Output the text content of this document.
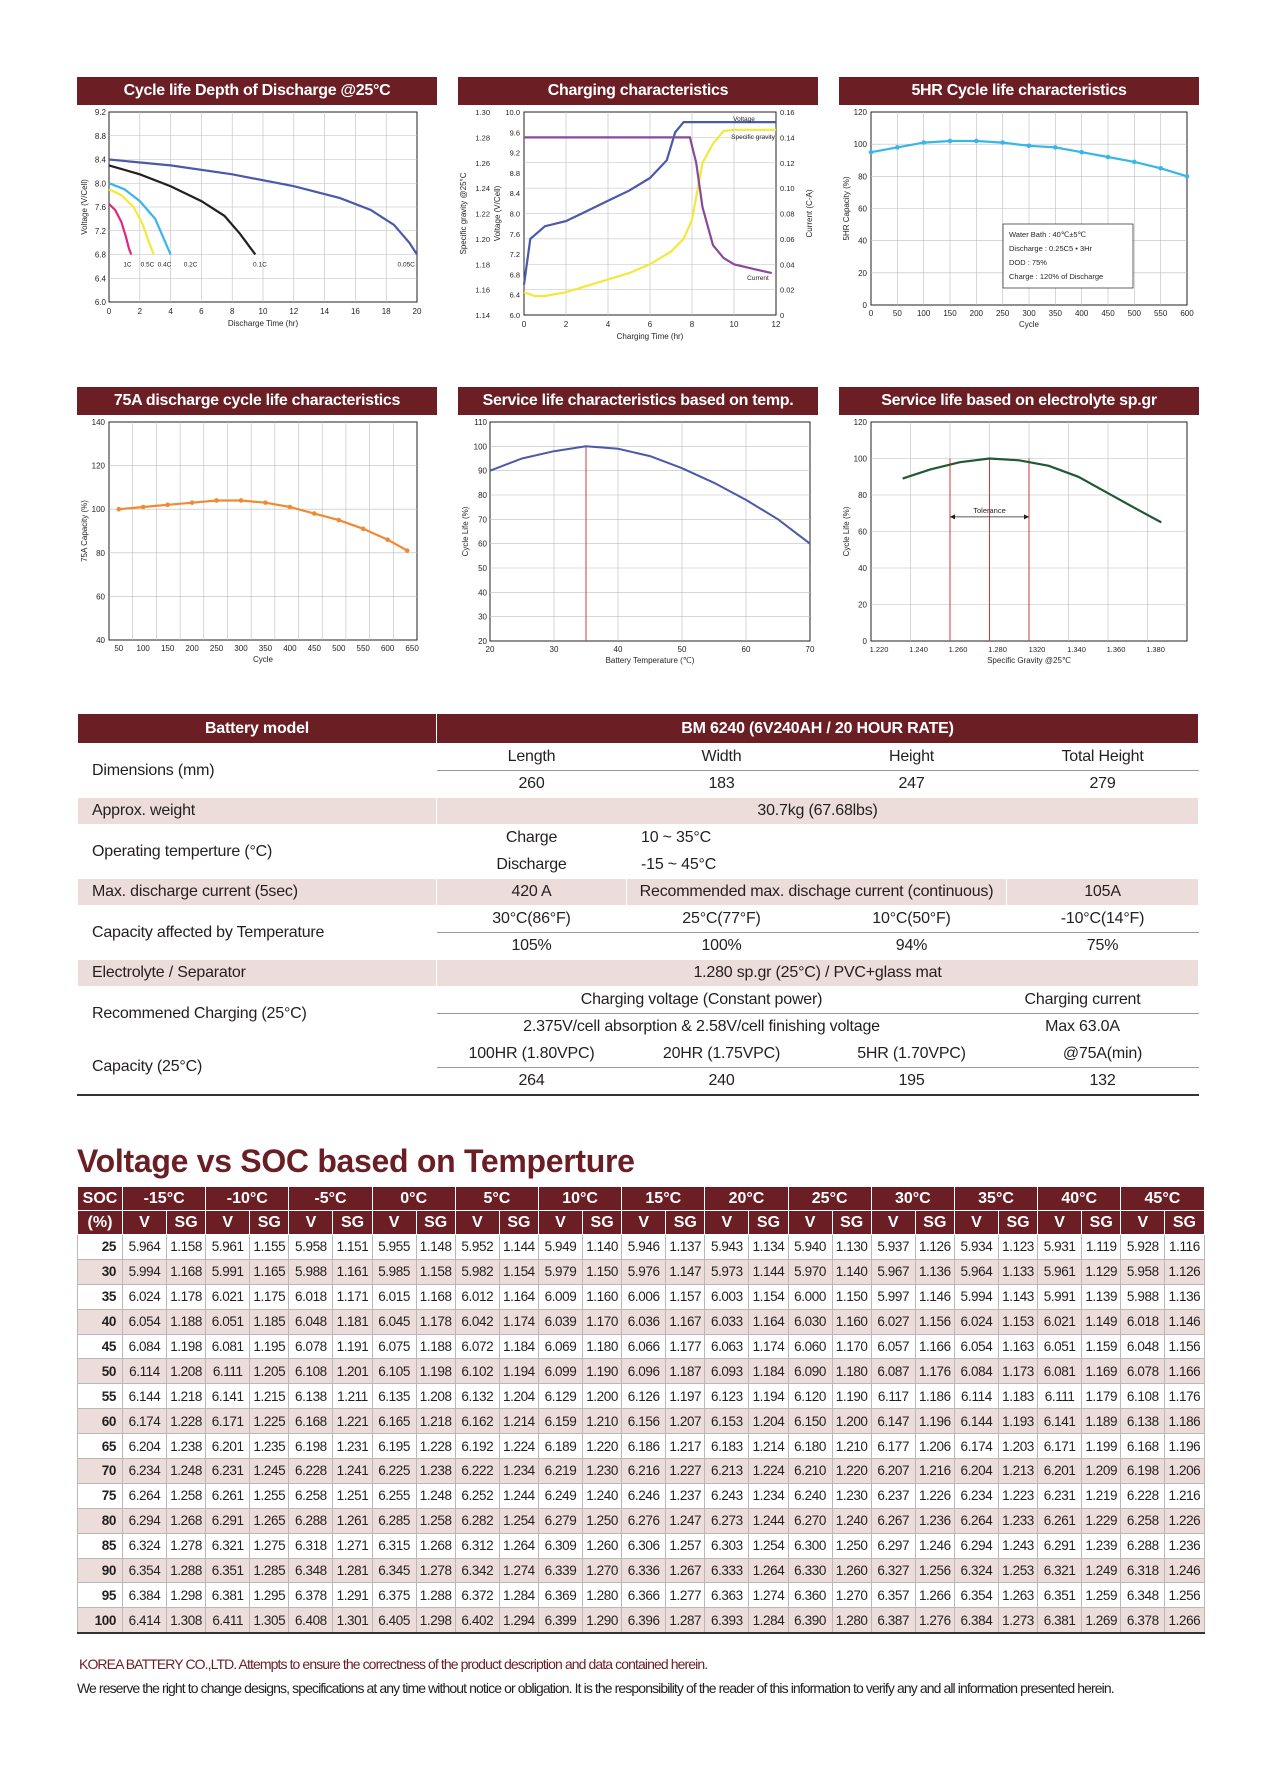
Cycle life Depth of Discharge @25°C
9.2
8.8
8.4
8.0
7.6
7.2
6.8
6.4
6.0
0	2	4	6	8	10	12	14	16	18	20
Discharge Time (hr)
Voltage (V/Cell)
1C 0.5C 0.4C 0.2C	0.1C	0.05C
Charging characteristics
1.30
1.28
1.26
1.24
1.22
1.20
1.18
1.16
1.14
10.0
9.6
9.2
8.8
8.4
8.0
7.6
7.2
6.8
6.4
6.0
0.16
0.14
0.12
0.10
0.08
0.06
0.04
0.02
0
0	2	4	6	8	10	12
Charging Time (hr)
Specific gravity @25°C	Voltage (V/Cell)	Current (C-A)
Voltage
Specific gravity
Current
5HR Cycle life characteristics
120
100
80
60
40
20
0
0 50 100 150 200 250 300 350 400 450 500 550 600
Cycle
5HR Capacity (%)	Water Bath : 40℃±5℃
Discharge : 0.25C5 • 3Hr
DOD : 75%
Charge : 120% of Discharge
75A discharge cycle life characteristics
140
120
100
80
60
40
50 100 150 200 250 300 350 400 450 500 550 600 650
Cycle
75A Capacity (%)
Service life characteristics based on temp.
110
100
90
80
70
60
50
40
30
20
20	30	40	50	60	70
Battery Temperature (℃)
Cycle Life (%)
Service life based on electrolyte sp.gr
120
100
80
60
40
20
0
1.220	1.240	1.260	1.280	1320	1.340	1.360	1.380
Specific Gravity @25℃
Cycle Life (%)	Tolerance
Battery model	BM 6240 (6V240AH / 20 HOUR RATE)				
Dimensions (mm)	Length	Width	Height		Total Height
	260	183	247		279
Approx. weight	30.7kg (67.68lbs)				
Operating temperture (°C)	Charge	10 ~ 35°C			
	Discharge	-15 ~ 45°C			
Max. discharge current (5sec)	420 A	Recommended max. dischage current (continuous)			105A
Capacity affected by Temperature	30°C(86°F)	25°C(77°F)	10°C(50°F)		-10°C(14°F)
	105%	100%	94%		75%
Electrolyte / Separator	1.280 sp.gr (25°C) / PVC+glass mat				
Recommened Charging (25°C)	Charging voltage (Constant power)			Charging current	
	2.375V/cell absorption & 2.58V/cell finishing voltage			Max 63.0A	
Capacity (25°C)	100HR (1.80VPC)	20HR (1.75VPC)	5HR (1.70VPC)		@75A(min)
	264	240	195		132
Voltage vs SOC based on Temperture
SOC	-15°C		-10°C		-5°C		0°C		5°C		10°C		15°C		20°C		25°C		30°C		35°C		40°C		45°C	
(%)	V	SG	V	SG	V	SG	V	SG	V	SG	V	SG	V	SG	V	SG	V	SG	V	SG	V	SG	V	SG	V	SG
25	5.964	1.158	5.961	1.155	5.958	1.151	5.955	1.148	5.952	1.144	5.949	1.140	5.946	1.137	5.943	1.134	5.940	1.130	5.937	1.126	5.934	1.123	5.931	1.119	5.928	1.116
30	5.994	1.168	5.991	1.165	5.988	1.161	5.985	1.158	5.982	1.154	5.979	1.150	5.976	1.147	5.973	1.144	5.970	1.140	5.967	1.136	5.964	1.133	5.961	1.129	5.958	1.126
35	6.024	1.178	6.021	1.175	6.018	1.171	6.015	1.168	6.012	1.164	6.009	1.160	6.006	1.157	6.003	1.154	6.000	1.150	5.997	1.146	5.994	1.143	5.991	1.139	5.988	1.136
40	6.054	1.188	6.051	1.185	6.048	1.181	6.045	1.178	6.042	1.174	6.039	1.170	6.036	1.167	6.033	1.164	6.030	1.160	6.027	1.156	6.024	1.153	6.021	1.149	6.018	1.146
45	6.084	1.198	6.081	1.195	6.078	1.191	6.075	1.188	6.072	1.184	6.069	1.180	6.066	1.177	6.063	1.174	6.060	1.170	6.057	1.166	6.054	1.163	6.051	1.159	6.048	1.156
50	6.114	1.208	6.111	1.205	6.108	1.201	6.105	1.198	6.102	1.194	6.099	1.190	6.096	1.187	6.093	1.184	6.090	1.180	6.087	1.176	6.084	1.173	6.081	1.169	6.078	1.166
55	6.144	1.218	6.141	1.215	6.138	1.211	6.135	1.208	6.132	1.204	6.129	1.200	6.126	1.197	6.123	1.194	6.120	1.190	6.117	1.186	6.114	1.183	6.111	1.179	6.108	1.176
60	6.174	1.228	6.171	1.225	6.168	1.221	6.165	1.218	6.162	1.214	6.159	1.210	6.156	1.207	6.153	1.204	6.150	1.200	6.147	1.196	6.144	1.193	6.141	1.189	6.138	1.186
65	6.204	1.238	6.201	1.235	6.198	1.231	6.195	1.228	6.192	1.224	6.189	1.220	6.186	1.217	6.183	1.214	6.180	1.210	6.177	1.206	6.174	1.203	6.171	1.199	6.168	1.196
70	6.234	1.248	6.231	1.245	6.228	1.241	6.225	1.238	6.222	1.234	6.219	1.230	6.216	1.227	6.213	1.224	6.210	1.220	6.207	1.216	6.204	1.213	6.201	1.209	6.198	1.206
75	6.264	1.258	6.261	1.255	6.258	1.251	6.255	1.248	6.252	1.244	6.249	1.240	6.246	1.237	6.243	1.234	6.240	1.230	6.237	1.226	6.234	1.223	6.231	1.219	6.228	1.216
80	6.294	1.268	6.291	1.265	6.288	1.261	6.285	1.258	6.282	1.254	6.279	1.250	6.276	1.247	6.273	1.244	6.270	1.240	6.267	1.236	6.264	1.233	6.261	1.229	6.258	1.226
85	6.324	1.278	6.321	1.275	6.318	1.271	6.315	1.268	6.312	1.264	6.309	1.260	6.306	1.257	6.303	1.254	6.300	1.250	6.297	1.246	6.294	1.243	6.291	1.239	6.288	1.236
90	6.354	1.288	6.351	1.285	6.348	1.281	6.345	1.278	6.342	1.274	6.339	1.270	6.336	1.267	6.333	1.264	6.330	1.260	6.327	1.256	6.324	1.253	6.321	1.249	6.318	1.246
95	6.384	1.298	6.381	1.295	6.378	1.291	6.375	1.288	6.372	1.284	6.369	1.280	6.366	1.277	6.363	1.274	6.360	1.270	6.357	1.266	6.354	1.263	6.351	1.259	6.348	1.256
100	6.414	1.308	6.411	1.305	6.408	1.301	6.405	1.298	6.402	1.294	6.399	1.290	6.396	1.287	6.393	1.284	6.390	1.280	6.387	1.276	6.384	1.273	6.381	1.269	6.378	1.266
KOREA BATTERY CO.,LTD. Attempts to ensure the correctness of the product description and data contained herein.
We reserve the right to change designs, specifications at any time without notice or obligation. It is the responsibility of the reader of this information to verify any and all information presented herein.
